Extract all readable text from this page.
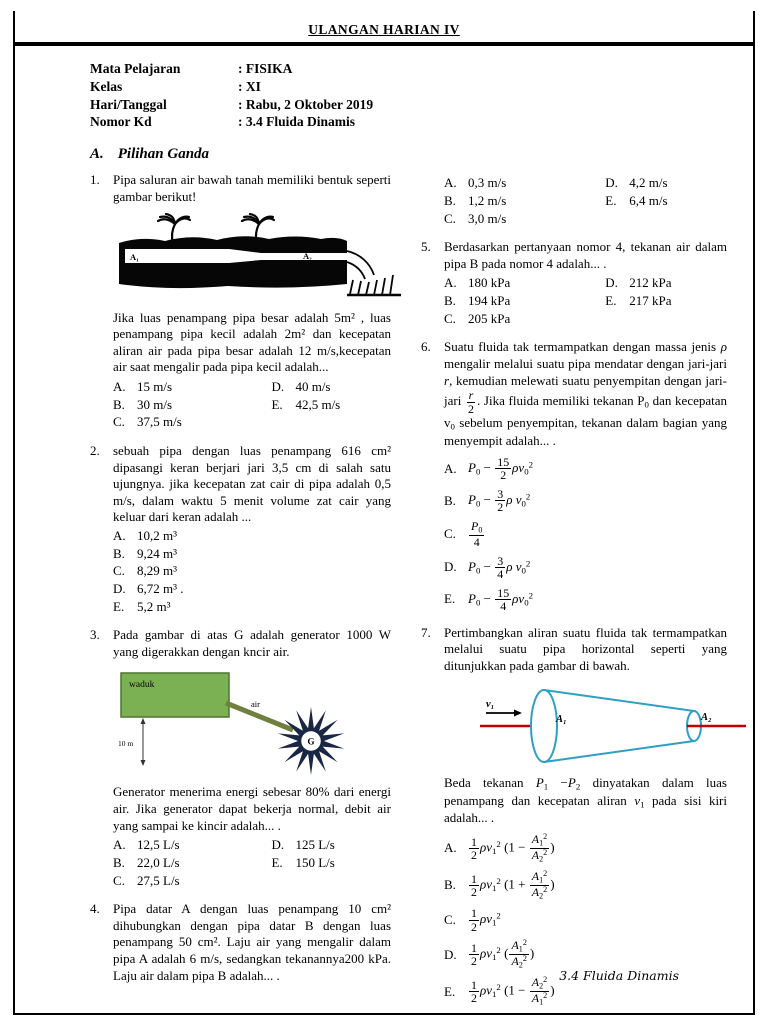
ULANGAN HARIAN IV
Mata Pelajaran	: FISIKA
Kelas	: XI
Hari/Tanggal	: Rabu, 2 Oktober 2019
Nomor Kd	: 3.4 Fluida Dinamis
A. Pilihan Ganda
1.	Pipa saluran air bawah tanah memiliki bentuk seperti gambar berikut!
A₁	A₂
Jika luas penampang pipa besar adalah 5m² , luas penampang pipa kecil adalah 2m² dan kecepatan aliran air pada pipa besar adalah 12 m/s,kecepatan air saat mengalir pada pipa kecil adalah...
A. 15 m/s
B. 30 m/s
C. 37,5 m/s
D. 40 m/s
E. 42,5 m/s
2.	sebuah pipa dengan luas penampang 616 cm² dipasangi keran berjari jari 3,5 cm di salah satu ujungnya. jika kecepatan zat cair di pipa adalah 0,5 m/s, dalam waktu 5 menit volume zat cair yang keluar dari keran adalah ...
A. 10,2 m³
B. 9,24 m³
C. 8,29 m³
D. 6,72 m³ .
E. 5,2 m³
3.	Pada gambar di atas G adalah generator 1000 W yang digerakkan dengan kncir air.
waduk
air
10 m	G
Generator menerima energi sebesar 80% dari energi air. Jika generator dapat bekerja normal, debit air yang sampai ke kincir adalah... .
A. 12,5 L/s
B. 22,0 L/s
C. 27,5 L/s
D. 125 L/s
E. 150 L/s
4.	Pipa datar A dengan luas penampang 10 cm² dihubungkan dengan pipa datar B dengan luas penampang 50 cm². Laju air yang mengalir dalam pipa A adalah 6 m/s, sedangkan tekanannya200 kPa. Laju air dalam pipa B adalah... .
A. 0,3 m/s
B. 1,2 m/s
C. 3,0 m/s
D. 4,2 m/s
E. 6,4 m/s
5.	Berdasarkan pertanyaan nomor 4, tekanan air dalam pipa B pada nomor 4 adalah... .
A. 180 kPa
B. 194 kPa
C. 205 kPa
D. 212 kPa
E. 217 kPa
6.	Suatu fluida tak termampatkan dengan massa jenis ρ mengalir melalui suatu pipa mendatar dengan jari-jari r, kemudian melewati suatu penyempitan dengan jari-jari $\frac{r}{2}$ . Jika fluida memiliki tekanan $P_0$ dan kecepatan $v_0$ sebelum penyempitan, tekanan dalam bagian yang menyempit adalah... .
A. $P_0 - \frac{15}{2} \rho v_0^2$
B. $P_0 - \frac{3}{2}$ ρ $v_0^2$
C.	$\frac{P_0}{4}$
D. $P_0 - \frac{3}{4}$ ρ $v_0^2$
E. $P_0 - \frac{15}{4} \rho v_0^2$
7.	Pertimbangkan aliran suatu fluida tak termampatkan melalui suatu pipa horizontal seperti yang ditunjukkan pada gambar di bawah.
v₁
A₁	A₂
Beda tekanan $P_1 -P_2$ dinyatakan dalam luas penampang dan kecepatan aliran $v_1$ pada sisi kiri adalah... .
A. $\frac{1}{2} \rho v_1^2$ ($1 - \frac{A_1^2}{A_2^2}$ )
B.	$\frac{1}{2} \rho v_1^2$ ($1 + \frac{A_1^2}{A_2^2}$ )
C.	$\frac{1}{2} \rho v_1^2$
D. $\frac{1}{2} \rho v_1^2$ ( $\frac{A_1^2}{A_2^2}$ )
E.	$\frac{1}{2} \rho v_1^2$ ($1 - \frac{A_2^2}{A_1^2}$ )
3.4 Fluida Dinamis
